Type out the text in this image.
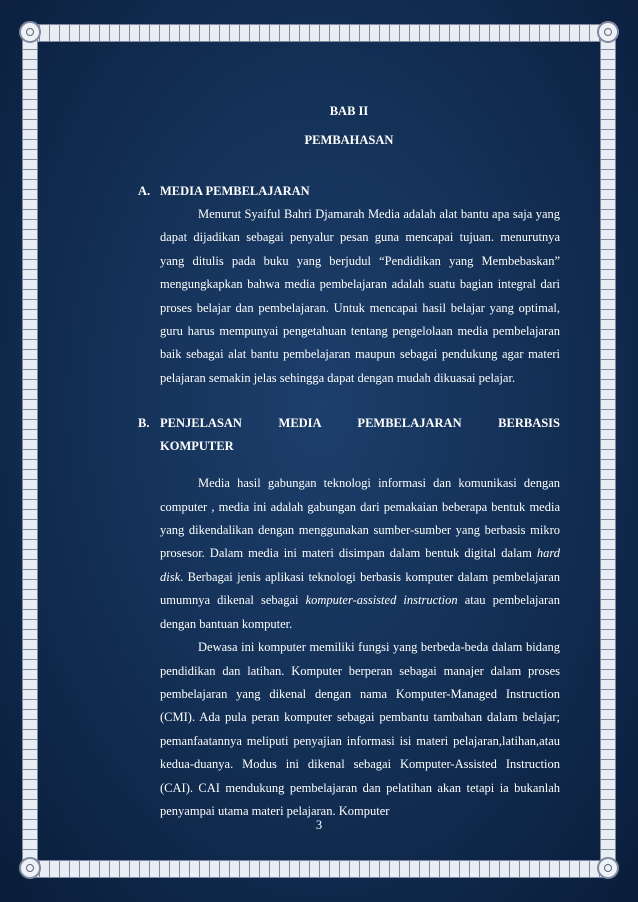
BAB II

PEMBAHASAN

A. MEDIA PEMBELAJARAN

Menurut Syaiful Bahri Djamarah Media adalah alat bantu apa saja yang dapat dijadikan sebagai penyalur pesan guna mencapai tujuan. menurutnya yang ditulis pada buku yang berjudul “Pendidikan yang Membebaskan” mengungkapkan bahwa media pembelajaran adalah suatu bagian integral dari proses belajar dan pembelajaran. Untuk mencapai hasil belajar yang optimal, guru harus mempunyai pengetahuan tentang pengelolaan media pembelajaran baik sebagai alat bantu pembelajaran maupun sebagai pendukung agar materi pelajaran semakin jelas sehingga dapat dengan mudah dikuasai pelajar.

B. PENJELASAN MEDIA PEMBELAJARAN BERBASIS
KOMPUTER

Media hasil gabungan teknologi informasi dan komunikasi dengan computer , media ini adalah gabungan dari pemakaian beberapa bentuk media yang dikendalikan dengan menggunakan sumber-sumber yang berbasis mikro prosesor. Dalam media ini materi disimpan dalam bentuk digital dalam hard disk. Berbagai jenis aplikasi teknologi berbasis komputer dalam pembelajaran umumnya dikenal sebagai komputer-assisted instruction atau pembelajaran dengan bantuan komputer.

Dewasa ini komputer memiliki fungsi yang berbeda-beda dalam bidang pendidikan dan latihan. Komputer berperan sebagai manajer dalam proses pembelajaran yang dikenal dengan nama Komputer-Managed Instruction (CMI). Ada pula peran komputer sebagai pembantu tambahan dalam belajar; pemanfaatannya meliputi penyajian informasi isi materi pelajaran,latihan,atau kedua-duanya. Modus ini dikenal sebagai Komputer-Assisted Instruction (CAI). CAI mendukung pembelajaran dan pelatihan akan tetapi ia bukanlah penyampai utama materi pelajaran. Komputer

3
